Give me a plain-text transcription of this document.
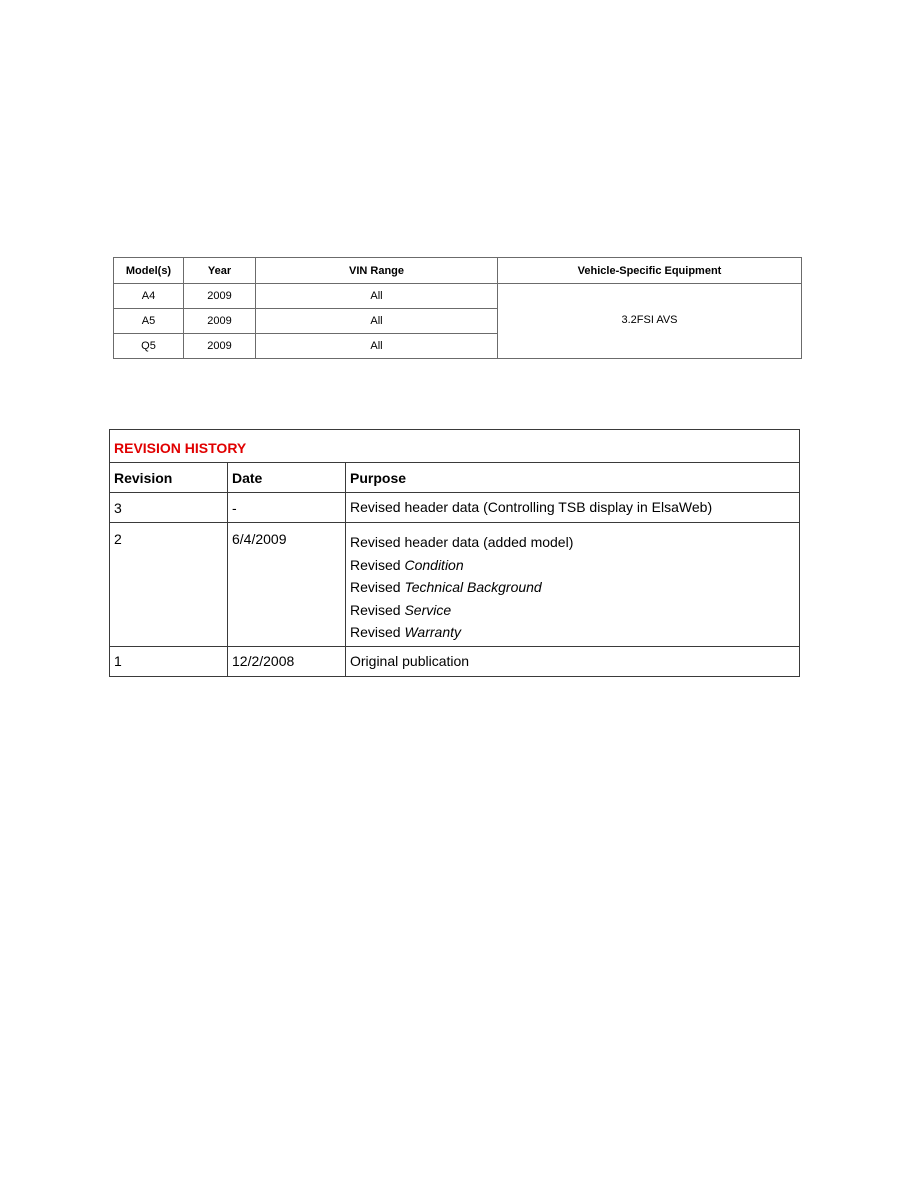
Model(s)	Year	VIN Range	Vehicle-Specific Equipment
A4	2009	All	3.2FSI AVS
A5	2009	All	
Q5	2009	All	
REVISION HISTORY		
Revision	Date	Purpose
3	-	Revised header data (Controlling TSB display in ElsaWeb)

2	6/4/2009	Revised header data (added model)
Revised Condition
Revised Technical Background
Revised Service
Revised Warranty

1	12/2/2008	Original publication
